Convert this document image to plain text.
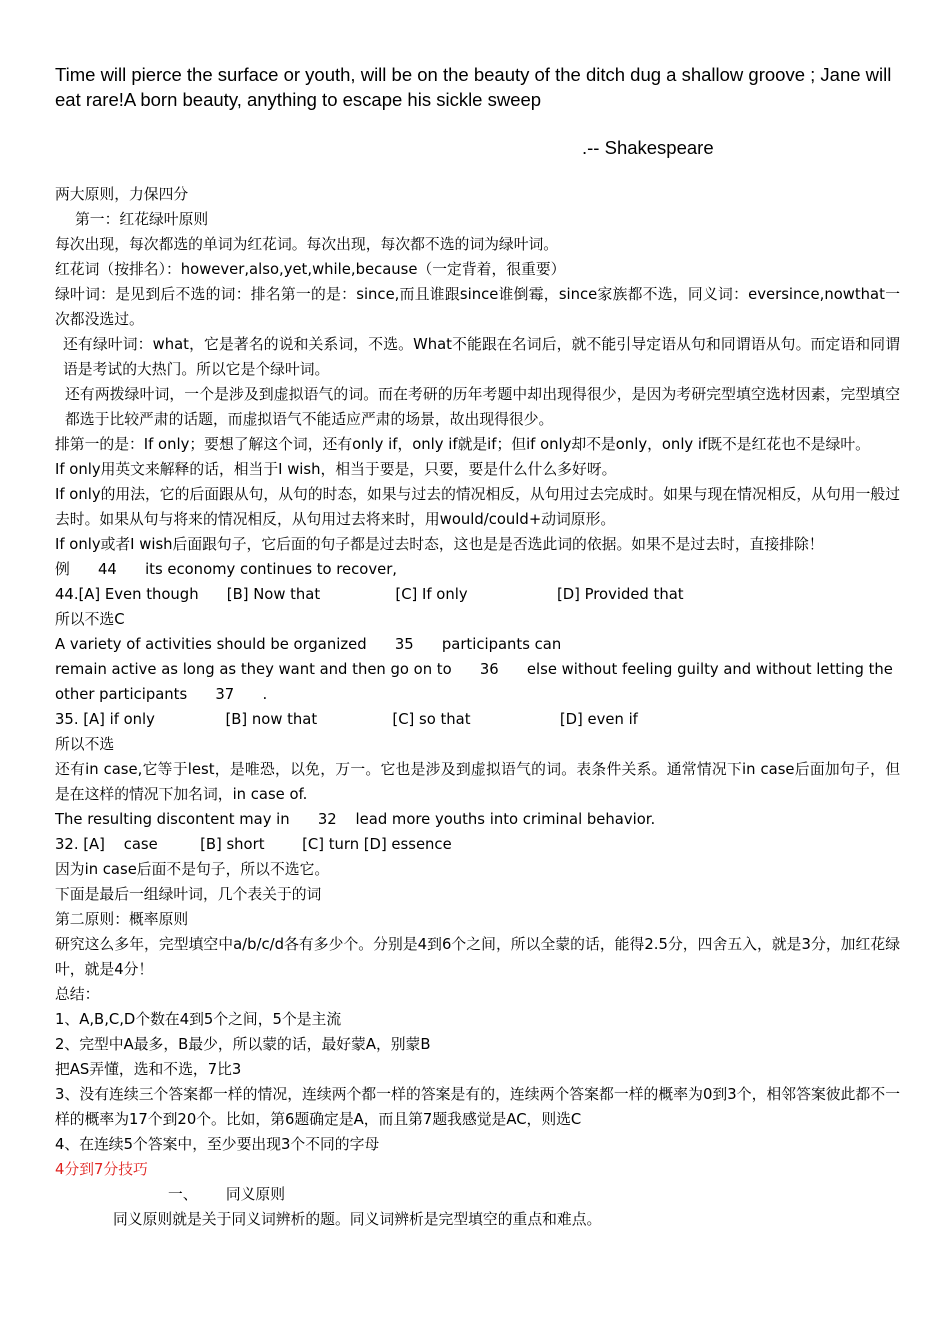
Time will pierce the surface or youth, will be on the beauty of the ditch dug a shallow groove ; Jane will eat rare!A born beauty, anything to escape his sickle sweep

.-- Shakespeare
两大原则，力保四分
第一：红花绿叶原则
每次出现，每次都选的单词为红花词。每次出现，每次都不选的词为绿叶词。
红花词（按排名）：however,also,yet,while,because（一定背着，很重要）
绿叶词：是见到后不选的词：排名第一的是：since,而且谁跟since谁倒霉，since家族都不选，同义词：eversince,nowthat一次都没选过。
还有绿叶词：what，它是著名的说和关系词，不选。What不能跟在名词后，就不能引导定语从句和同谓语从句。而定语和同谓语是考试的大热门。所以它是个绿叶词。
还有两拨绿叶词，一个是涉及到虚拟语气的词。而在考研的历年考题中却出现得很少，是因为考研完型填空选材因素，完型填空都选于比较严肃的话题，而虚拟语气不能适应严肃的场景，故出现得很少。
排第一的是：If only；要想了解这个词，还有only if，only if就是if；但if only却不是only，only if既不是红花也不是绿叶。
If only用英文来解释的话，相当于I wish，相当于要是，只要，要是什么什么多好呀。
If only的用法，它的后面跟从句，从句的时态，如果与过去的情况相反，从句用过去完成时。如果与现在情况相反，从句用一般过去时。如果从句与将来的情况相反，从句用过去将来时，用would/could+动词原形。
If only或者I wish后面跟句子，它后面的句子都是过去时态，这也是是否选此词的依据。如果不是过去时，直接排除！
例      44      its economy continues to recover,
44.[A] Even though      [B] Now that                [C] If only                   [D] Provided that
所以不选C
A variety of activities should be organized      35      participants can
remain active as long as they want and then go on to      36      else without feeling guilty and without letting the
other participants      37      .
35. [A] if only               [B] now that                [C] so that                   [D] even if
所以不选
还有in case,它等于lest，是唯恐，以免，万一。它也是涉及到虚拟语气的词。表条件关系。通常情况下in case后面加句子，但是在这样的情况下加名词，in case of.
The resulting discontent may in      32    lead more youths into criminal behavior.
32. [A]    case         [B] short        [C] turn [D] essence
因为in case后面不是句子，所以不选它。
下面是最后一组绿叶词，几个表关于的词
第二原则：概率原则
研究这么多年，完型填空中a/b/c/d各有多少个。分别是4到6个之间，所以全蒙的话，能得2.5分，四舍五入，就是3分，加红花绿叶，就是4分！
总结：
1、A,B,C,D个数在4到5个之间，5个是主流
2、完型中A最多，B最少，所以蒙的话，最好蒙A，别蒙B
把AS弄懂，选和不选，7比3
3、没有连续三个答案都一样的情况，连续两个都一样的答案是有的，连续两个答案都一样的概率为0到3个，相邻答案彼此都不一样的概率为17个到20个。比如，第6题确定是A，而且第7题我感觉是AC，则选C
4、在连续5个答案中，至少要出现3个不同的字母
4分到7分技巧
一、      同义原则
同义原则就是关于同义词辨析的题。同义词辨析是完型填空的重点和难点。
